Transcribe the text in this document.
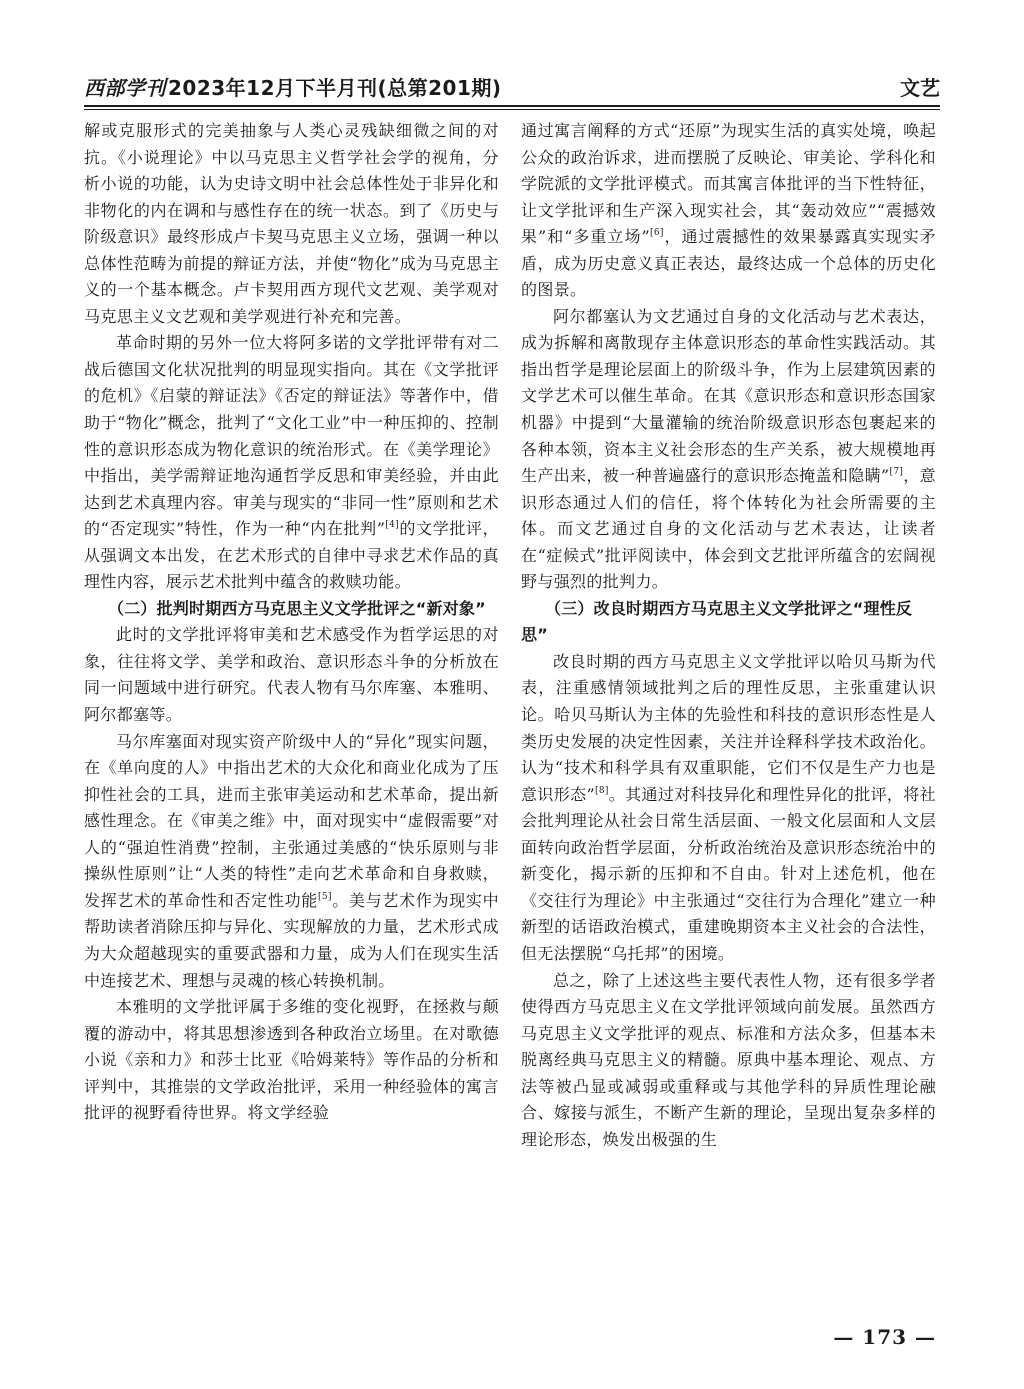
西部学刊 2023年12月下半月刊(总第201期)	文艺

解或克服形式的完美抽象与人类心灵残缺细微之间的对抗。《小说理论》中以马克思主义哲学社会学的视角，分析小说的功能，认为史诗文明中社会总体性处于非异化和非物化的内在调和与感性存在的统一状态。到了《历史与阶级意识》最终形成卢卡契马克思主义立场，强调一种以总体性范畴为前提的辩证方法，并使“物化”成为马克思主义的一个基本概念。卢卡契用西方现代文艺观、美学观对马克思主义文艺观和美学观进行补充和完善。

革命时期的另外一位大将阿多诺的文学批评带有对二战后德国文化状况批判的明显现实指向。其在《文学批评的危机》《启蒙的辩证法》《否定的辩证法》等著作中，借助于“物化”概念，批判了“文化工业”中一种压抑的、控制性的意识形态成为物化意识的统治形式。在《美学理论》中指出，美学需辩证地沟通哲学反思和审美经验，并由此达到艺术真理内容。审美与现实的“非同一性”原则和艺术的“否定现实”特性，作为一种“内在批判”[4]的文学批评，从强调文本出发，在艺术形式的自律中寻求艺术作品的真理性内容，展示艺术批判中蕴含的救赎功能。

（二）批判时期西方马克思主义文学批评之“新对象”

此时的文学批评将审美和艺术感受作为哲学运思的对象，往往将文学、美学和政治、意识形态斗争的分析放在同一问题域中进行研究。代表人物有马尔库塞、本雅明、阿尔都塞等。

马尔库塞面对现实资产阶级中人的“异化”现实问题，在《单向度的人》中指出艺术的大众化和商业化成为了压抑性社会的工具，进而主张审美运动和艺术革命，提出新感性理念。在《审美之维》中，面对现实中“虚假需要”对人的“强迫性消费”控制，主张通过美感的“快乐原则与非操纵性原则”让“人类的特性”走向艺术革命和自身救赎，发挥艺术的革命性和否定性功能[5]。美与艺术作为现实中帮助读者消除压抑与异化、实现解放的力量，艺术形式成为大众超越现实的重要武器和力量，成为人们在现实生活中连接艺术、理想与灵魂的核心转换机制。

本雅明的文学批评属于多维的变化视野，在拯救与颠覆的游动中，将其思想渗透到各种政治立场里。在对歌德小说《亲和力》和莎士比亚《哈姆莱特》等作品的分析和评判中，其推崇的文学政治批评，采用一种经验体的寓言批评的视野看待世界。将文学经验

通过寓言阐释的方式“还原”为现实生活的真实处境，唤起公众的政治诉求，进而摆脱了反映论、审美论、学科化和学院派的文学批评模式。而其寓言体批评的当下性特征，让文学批评和生产深入现实社会，其“轰动效应”“震撼效果”和“多重立场”[6]，通过震撼性的效果暴露真实现实矛盾，成为历史意义真正表达，最终达成一个总体的历史化的图景。

阿尔都塞认为文艺通过自身的文化活动与艺术表达，成为拆解和离散现存主体意识形态的革命性实践活动。其指出哲学是理论层面上的阶级斗争，作为上层建筑因素的文学艺术可以催生革命。在其《意识形态和意识形态国家机器》中提到“大量灌输的统治阶级意识形态包裹起来的各种本领，资本主义社会形态的生产关系，被大规模地再生产出来，被一种普遍盛行的意识形态掩盖和隐瞒”[7]，意识形态通过人们的信任，将个体转化为社会所需要的主体。而文艺通过自身的文化活动与艺术表达，让读者在“症候式”批评阅读中，体会到文艺批评所蕴含的宏阔视野与强烈的批判力。

（三）改良时期西方马克思主义文学批评之“理性反思”

改良时期的西方马克思主义文学批评以哈贝马斯为代表，注重感情领域批判之后的理性反思，主张重建认识论。哈贝马斯认为主体的先验性和科技的意识形态性是人类历史发展的决定性因素，关注并诠释科学技术政治化。认为“技术和科学具有双重职能，它们不仅是生产力也是意识形态”[8]。其通过对科技异化和理性异化的批评，将社会批判理论从社会日常生活层面、一般文化层面和人文层面转向政治哲学层面，分析政治统治及意识形态统治中的新变化，揭示新的压抑和不自由。针对上述危机，他在《交往行为理论》中主张通过“交往行为合理化”建立一种新型的话语政治模式，重建晚期资本主义社会的合法性，但无法摆脱“乌托邦”的困境。

总之，除了上述这些主要代表性人物，还有很多学者使得西方马克思主义在文学批评领域向前发展。虽然西方马克思主义文学批评的观点、标准和方法众多，但基本未脱离经典马克思主义的精髓。原典中基本理论、观点、方法等被凸显或减弱或重释或与其他学科的异质性理论融合、嫁接与派生，不断产生新的理论，呈现出复杂多样的理论形态，焕发出极强的生

— 173 —
